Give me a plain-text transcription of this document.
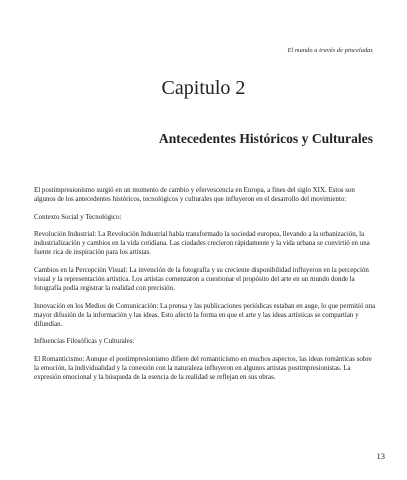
El mundo a través de pinceladas
Capitulo 2
Antecedentes Históricos y Culturales

El postimpresionismo surgió en un momento de cambio y efervescencia en Europa, a fines del siglo XIX. Estos son algunos de los antecedentes históricos, tecnológicos y culturales que influyeron en el desarrollo del movimiento:

Contexto Social y Tecnológico:

Revolución Industrial: La Revolución Industrial había transformado la sociedad europea, llevando a la urbanización, la industrialización y cambios en la vida cotidiana. Las ciudades crecieron rápidamente y la vida urbana se convirtió en una fuente rica de inspiración para los artistas.

Cambios en la Percepción Visual: La invención de la fotografía y su creciente disponibilidad influyeron en la percepción visual y la representación artística. Los artistas comenzaron a cuestionar el propósito del arte en un mundo donde la fotografía podía registrar la realidad con precisión.

Innovación en los Medios de Comunicación: La prensa y las publicaciones periódicas estaban en auge, lo que permitió una mayor difusión de la información y las ideas. Esto afectó la forma en que el arte y las ideas artísticas se compartían y difundían.

Influencias Filosóficas y Culturales:

El Romanticismo: Aunque el postimpresionismo difiere del romanticismo en muchos aspectos, las ideas románticas sobre la emoción, la individualidad y la conexión con la naturaleza influyeron en algunos artistas postimpresionistas. La expresión emocional y la búsqueda de la esencia de la realidad se reflejan en sus obras.

13
